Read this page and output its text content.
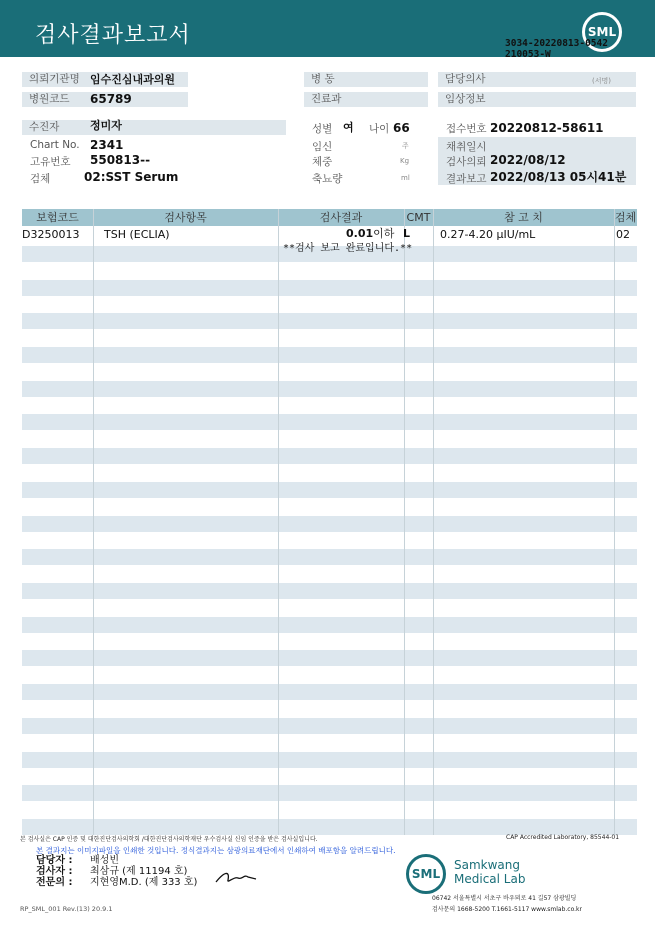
검사결과보고서	SML
3034-20220813-0542
210053-W
의뢰기관명 임수진심내과의원	병 동	담당의사	(서명)
병원코드	65789	진료과	임상정보
수진자	정미자	성별 여 나이 66	접수번호 20220812-58611
Chart No. 2341	임신	주	채취일시
고유번호 550813--	체중	Kg	검사의뢰 2022/08/12
검체	02:SST Serum	축뇨량	ml	결과보고 2022/08/13 05시41분
보험코드	검사항목	검사결과	CMT	참 고 치	검체
D3250013 TSH (ECLIA)	0.01이하 L	0.27-4.20 μIU/mL	02
**검사 보고 완료입니다.**
본 검사실은 CAP 인증 및 대한진단검사의학회 /대한진단검사의학재단 우수검사실 신임 인증을 받은 검사실입니다.	CAP Accredited Laboratory, 85544-01
본 결과지는 이미지파일을 인쇄한 것입니다. 정식결과지는 삼광의료재단에서 인쇄하여 배포함을 알려드립니다.
담당자 :	배성빈
검사자 :	최삼규 (제 11194 호)
전문의 :	지현영M.D. (제 333 호)
SML
Samkwang
Medical Lab
06742 서울특별시 서초구 바우뫼로 41 길57 삼광빌딩
검사문의 1668-5200 T.1661-5117 www.smlab.co.kr
RP_SML_001 Rev.(13) 20.9.1
